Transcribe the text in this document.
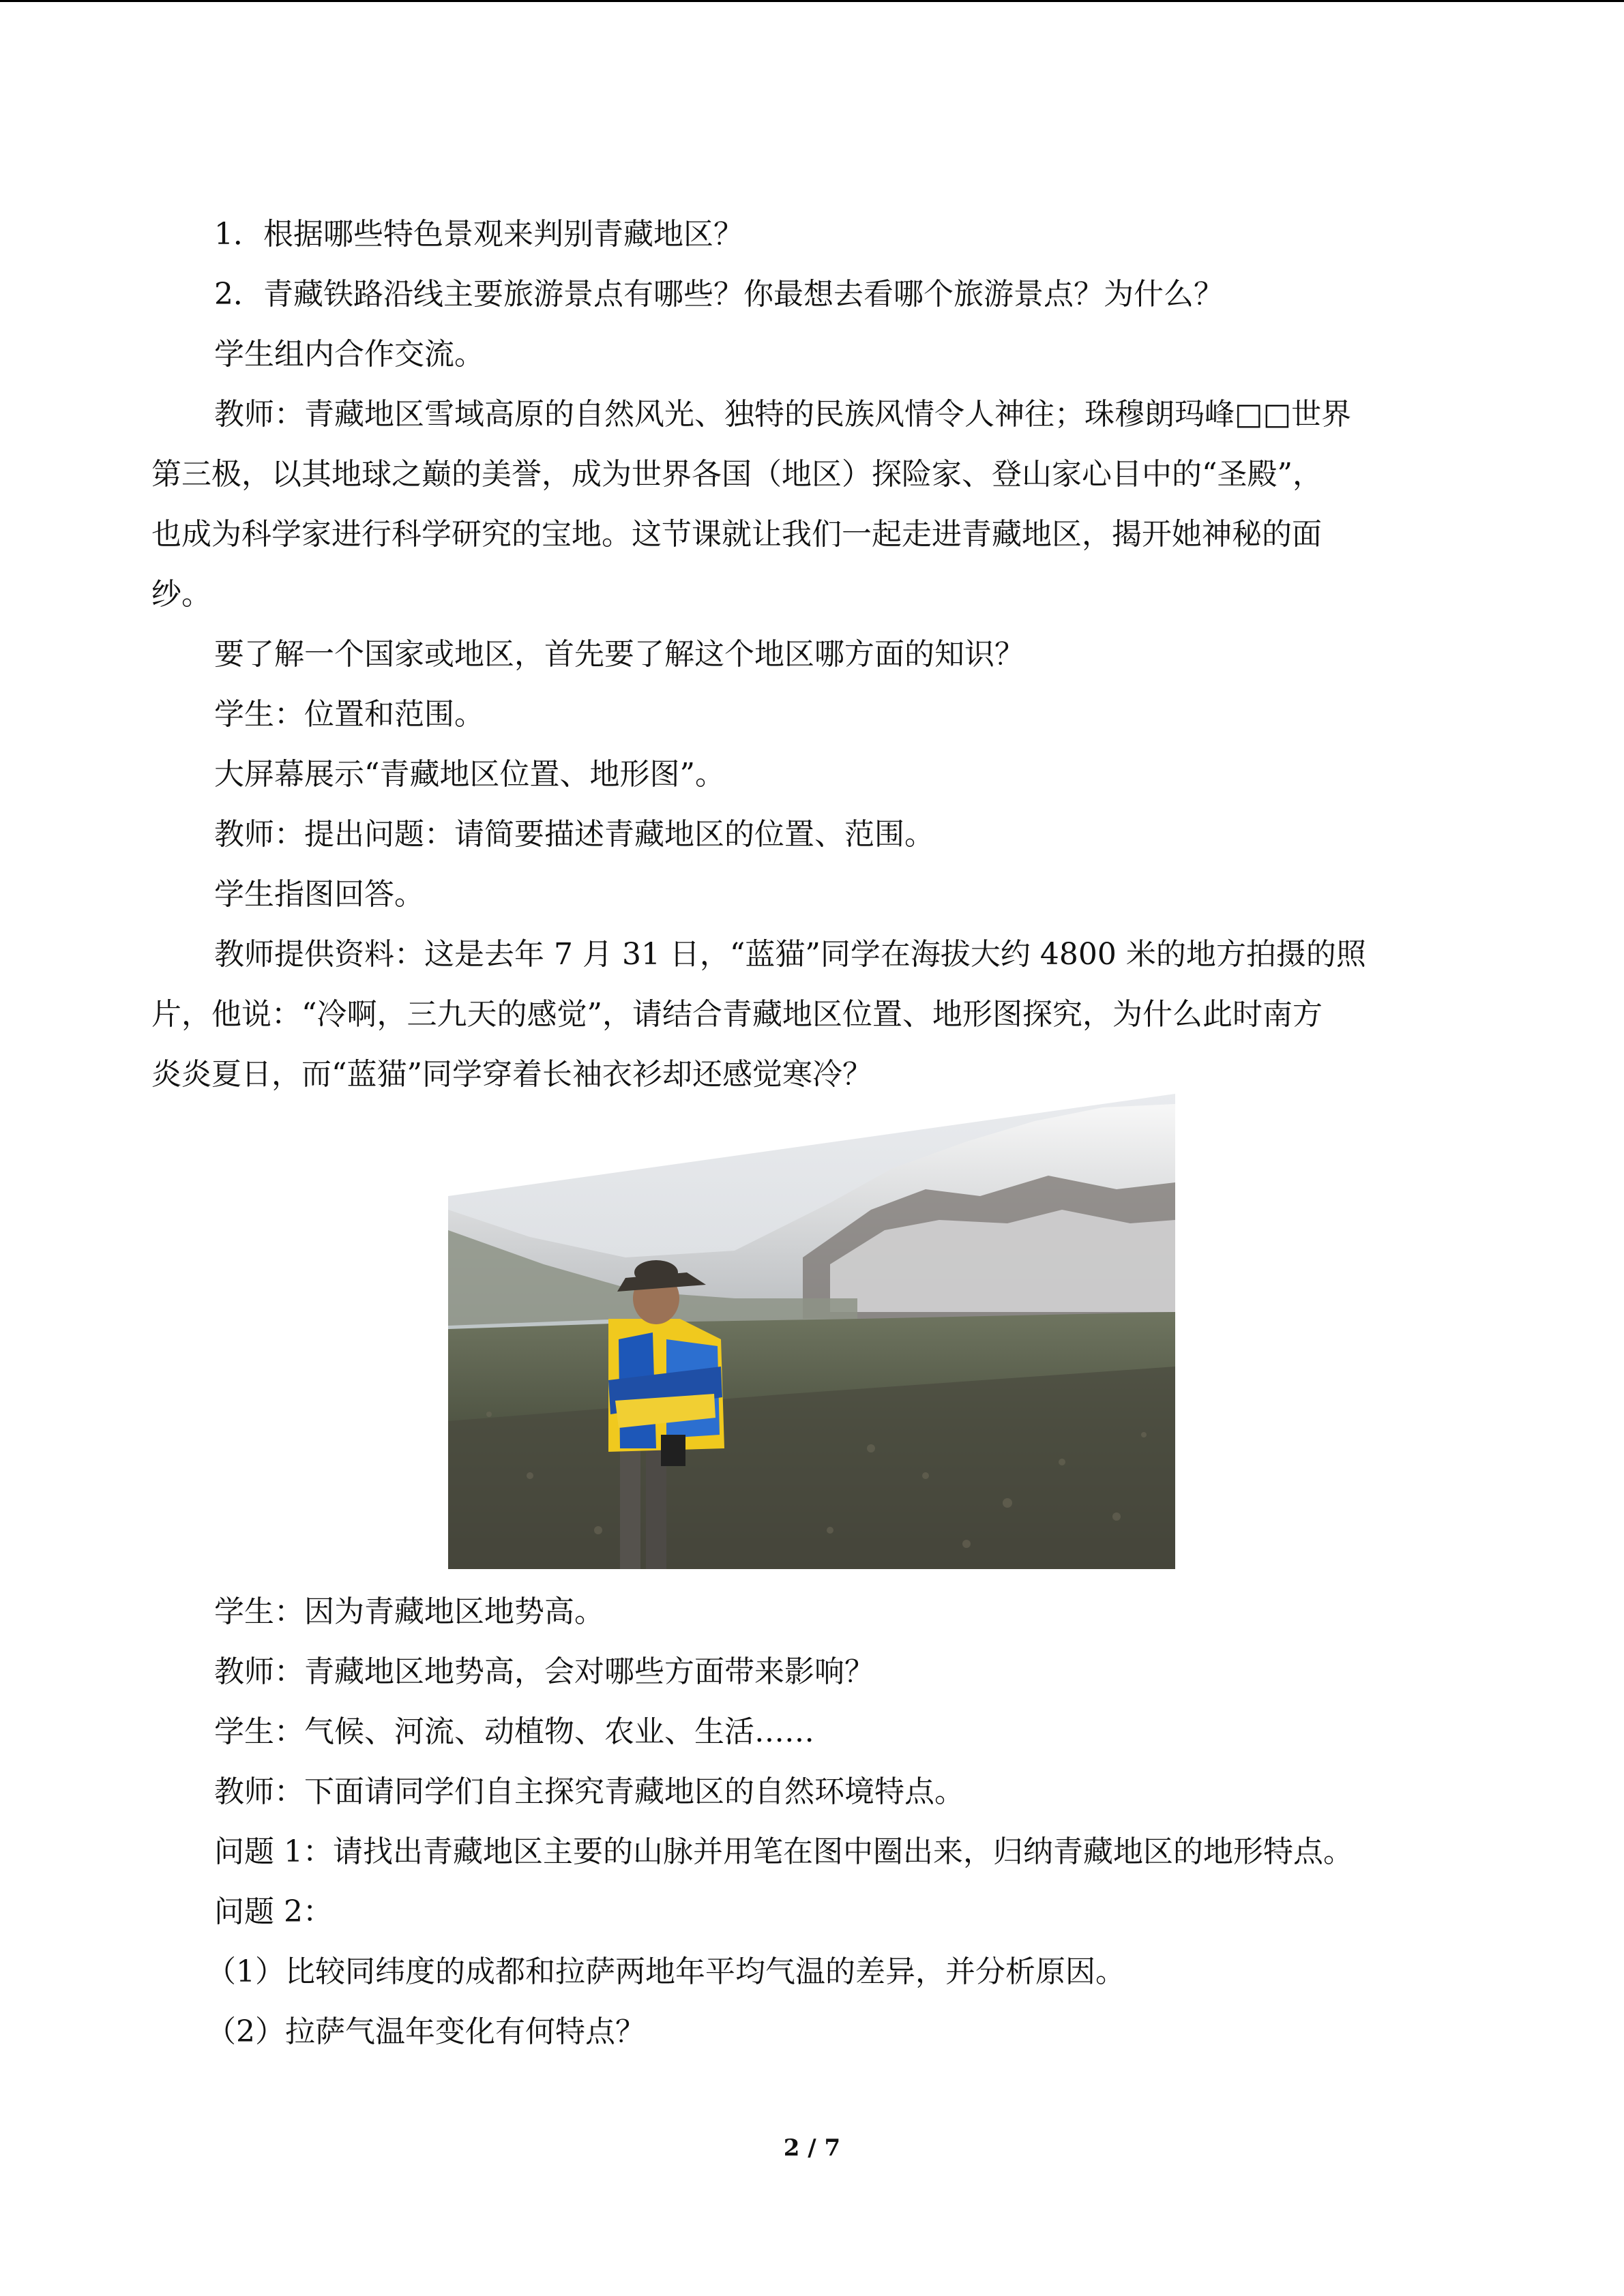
1．根据哪些特色景观来判别青藏地区？

2．青藏铁路沿线主要旅游景点有哪些？你最想去看哪个旅游景点？为什么？

学生组内合作交流。

教师：青藏地区雪域高原的自然风光、独特的民族风情令人神往；珠穆朗玛峰□□世界

第三极，以其地球之巅的美誉，成为世界各国（地区）探险家、登山家心目中的“圣殿”，

也成为科学家进行科学研究的宝地。这节课就让我们一起走进青藏地区，揭开她神秘的面

纱。

要了解一个国家或地区，首先要了解这个地区哪方面的知识？

学生：位置和范围。

大屏幕展示“青藏地区位置、地形图”。

教师：提出问题：请简要描述青藏地区的位置、范围。

学生指图回答。

教师提供资料：这是去年 7 月 31 日，“蓝猫”同学在海拔大约 4800 米的地方拍摄的照

片，他说：“冷啊，三九天的感觉”，请结合青藏地区位置、地形图探究，为什么此时南方

炎炎夏日，而“蓝猫”同学穿着长袖衣衫却还感觉寒冷？

学生：因为青藏地区地势高。

教师：青藏地区地势高，会对哪些方面带来影响？

学生：气候、河流、动植物、农业、生活……

教师：下面请同学们自主探究青藏地区的自然环境特点。

问题 1：请找出青藏地区主要的山脉并用笔在图中圈出来，归纳青藏地区的地形特点。

问题 2：

（1）比较同纬度的成都和拉萨两地年平均气温的差异，并分析原因。

（2）拉萨气温年变化有何特点？

2 / 7
